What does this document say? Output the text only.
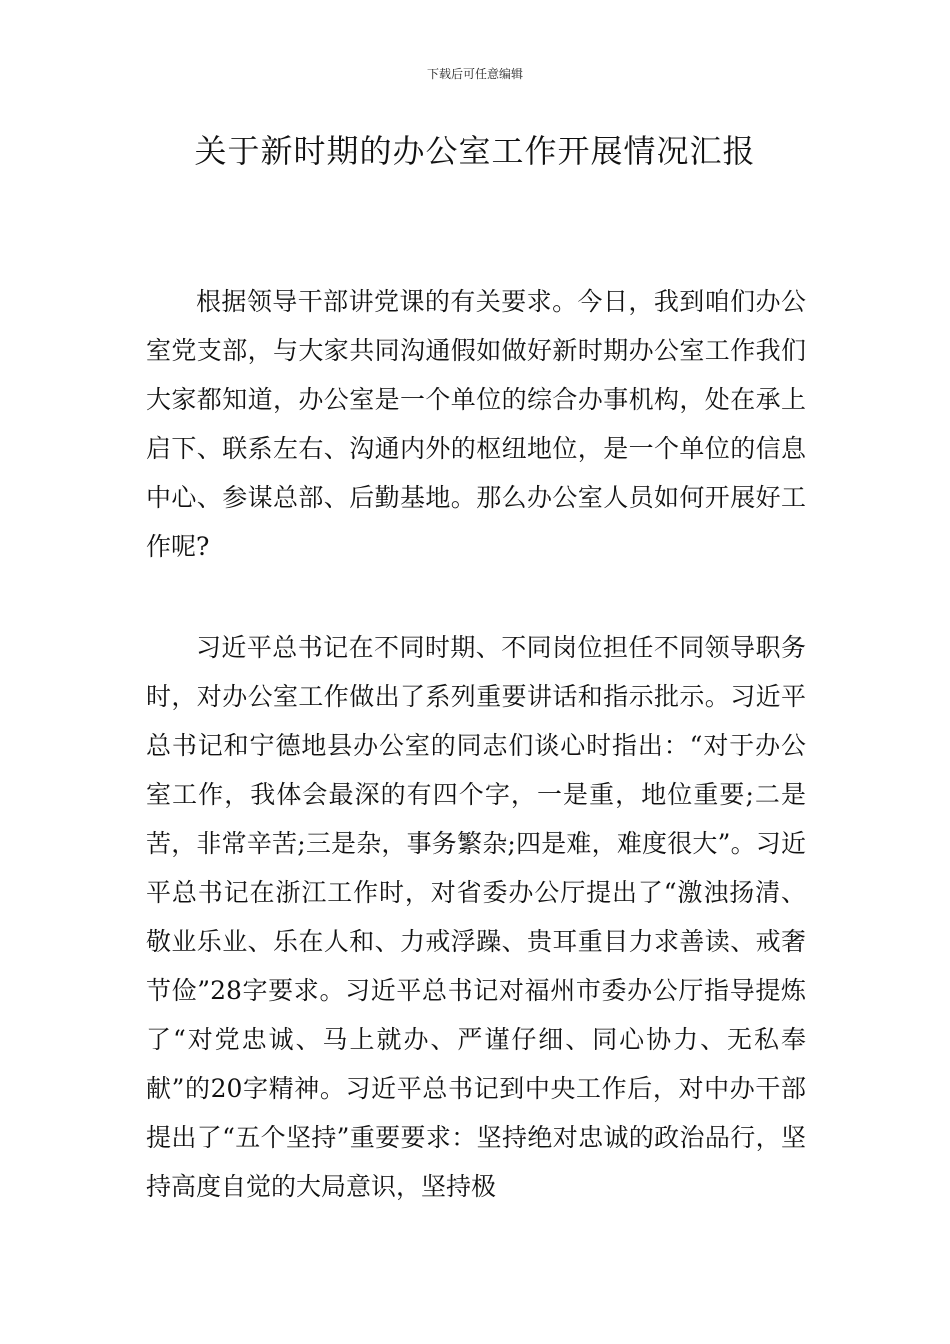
下载后可任意编辑
关于新时期的办公室工作开展情况汇报

根据领导干部讲党课的有关要求。今日，我到咱们办公室党支部，与大家共同沟通假如做好新时期办公室工作我们大家都知道，办公室是一个单位的综合办事机构，处在承上启下、联系左右、沟通内外的枢纽地位，是一个单位的信息中心、参谋总部、后勤基地。那么办公室人员如何开展好工作呢?

习近平总书记在不同时期、不同岗位担任不同领导职务时，对办公室工作做出了系列重要讲话和指示批示。习近平总书记和宁德地县办公室的同志们谈心时指出：“对于办公室工作，我体会最深的有四个字，一是重，地位重要;二是苦，非常辛苦;三是杂，事务繁杂;四是难，难度很大”。习近平总书记在浙江工作时，对省委办公厅提出了“激浊扬清、敬业乐业、乐在人和、力戒浮躁、贵耳重目力求善读、戒奢节俭”28字要求。习近平总书记对福州市委办公厅指导提炼了“对党忠诚、马上就办、严谨仔细、同心协力、无私奉献”的20字精神。习近平总书记到中央工作后，对中办干部提出了“五个坚持”重要要求：坚持绝对忠诚的政治品行，坚持高度自觉的大局意识，坚持极
